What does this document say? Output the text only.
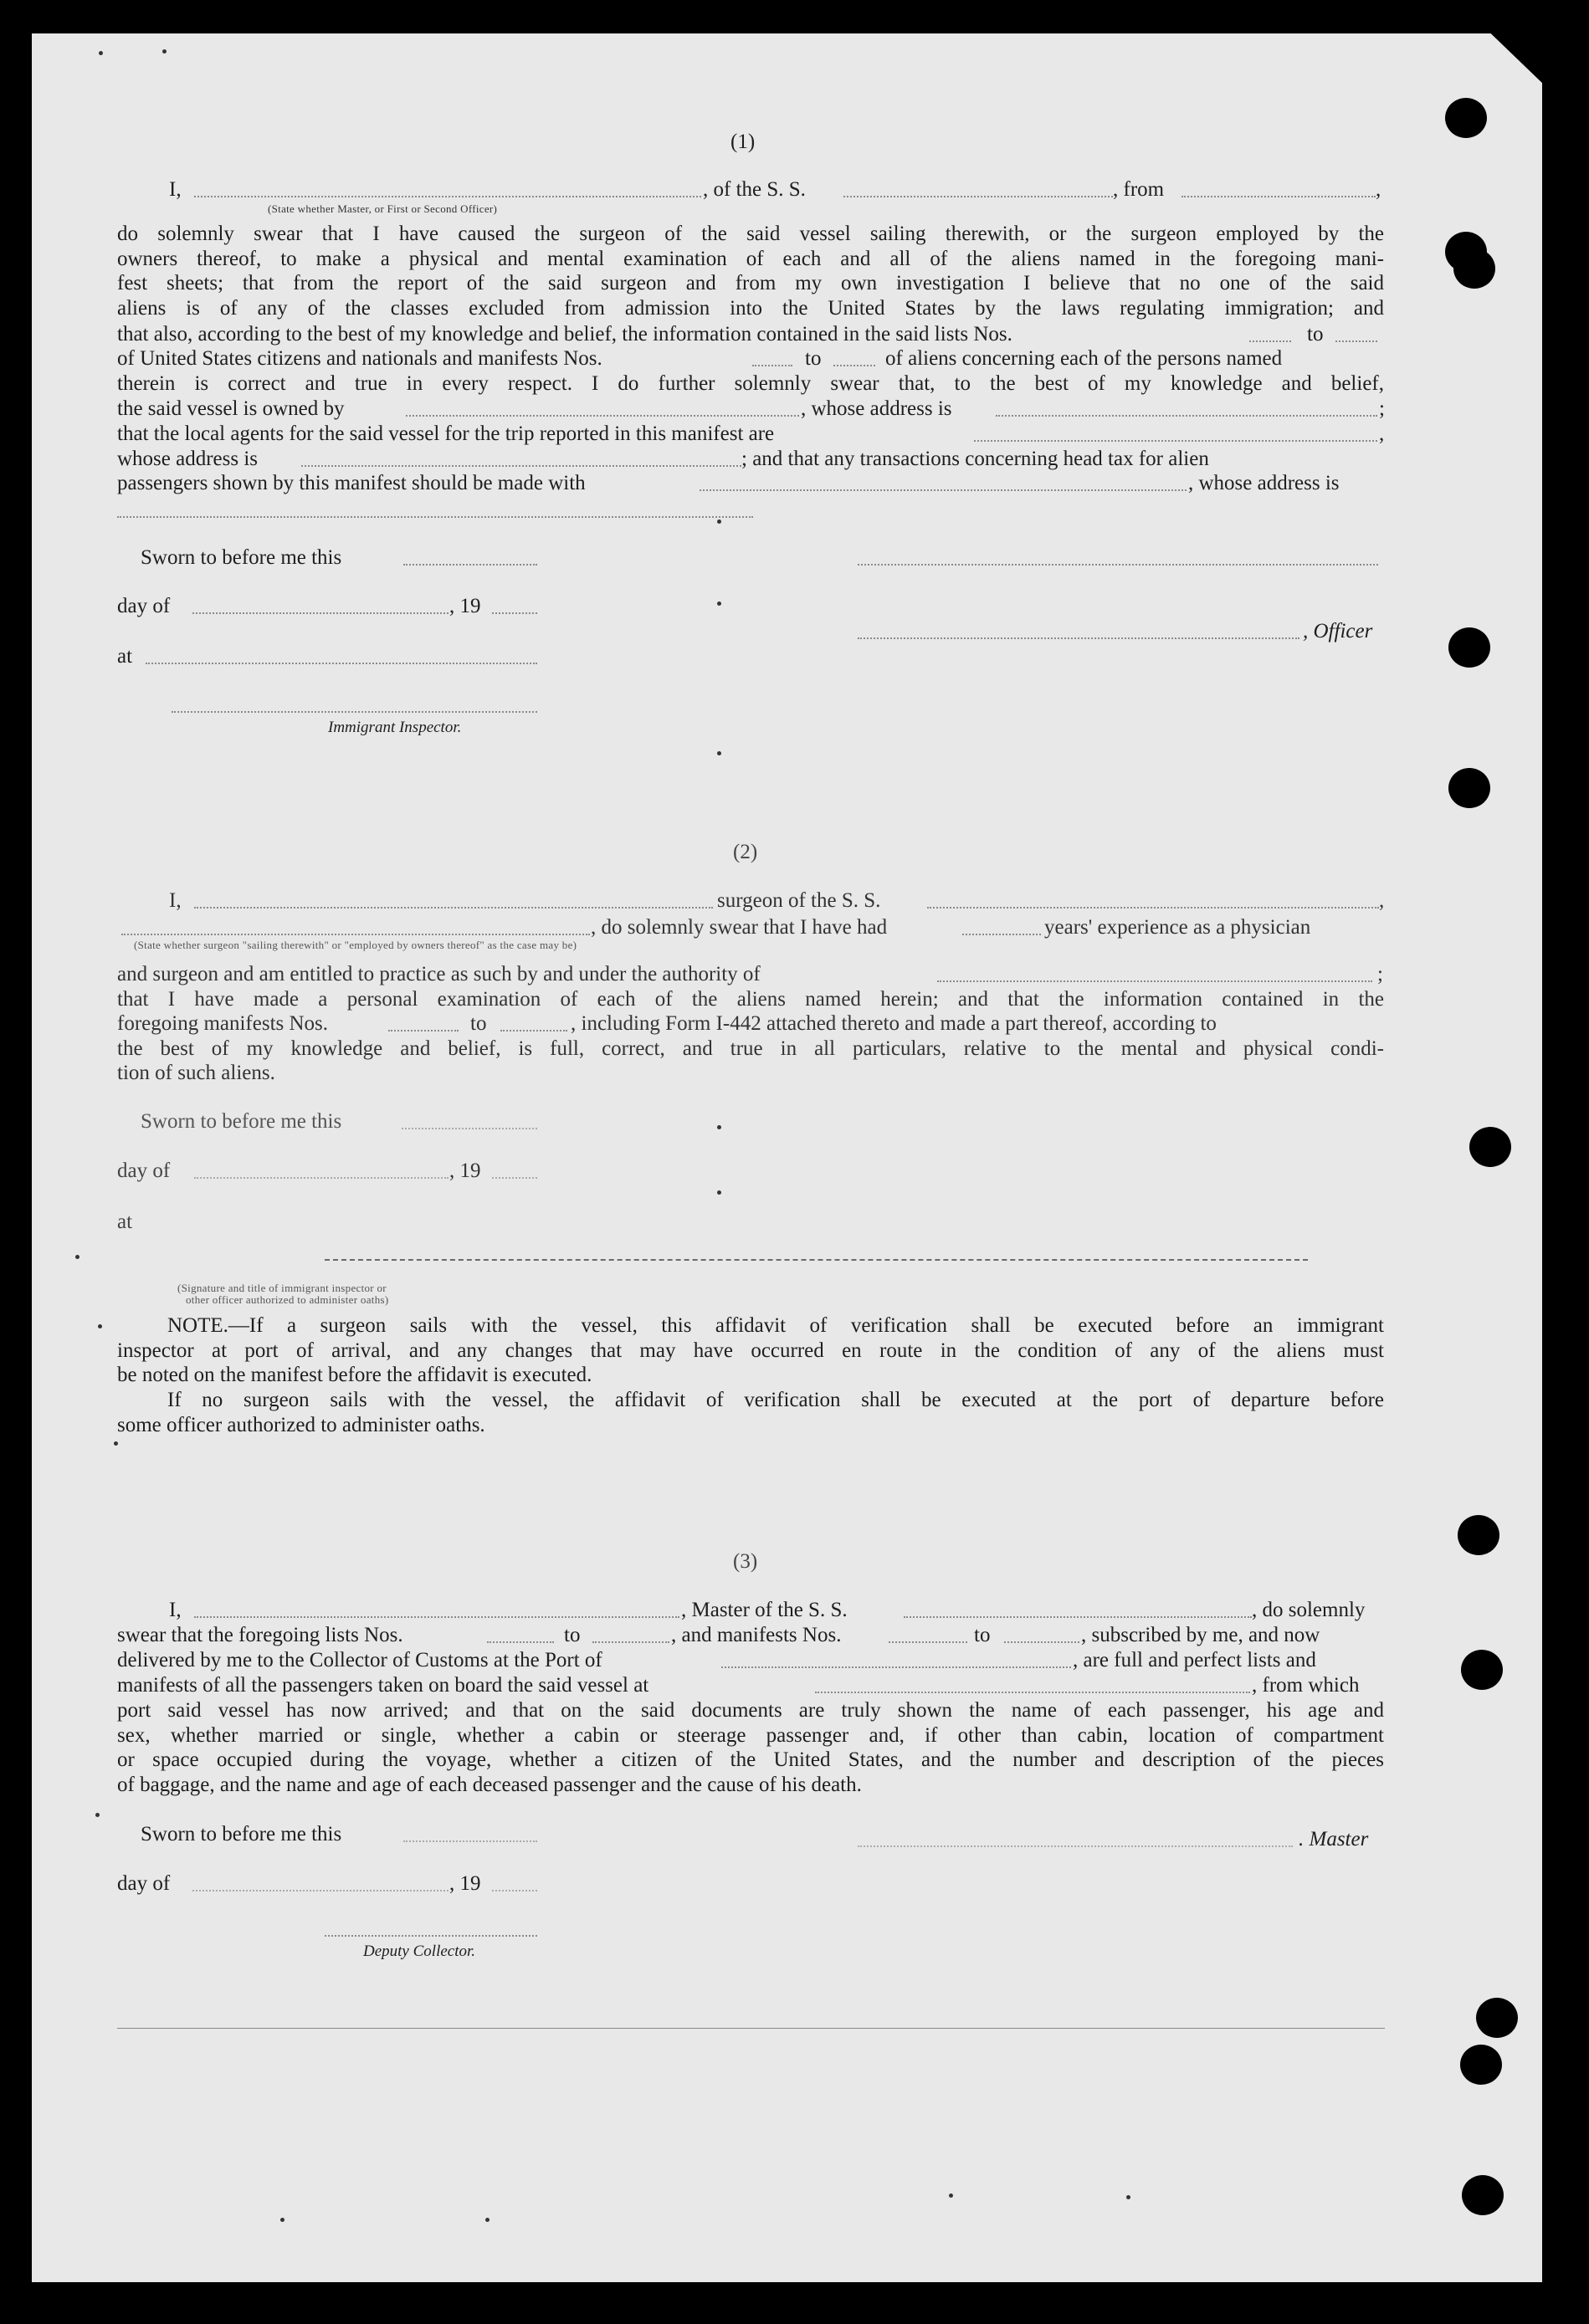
(1)
I,	, of the S. S.	, from	,
(State whether Master, or First or Second Officer)
do solemnly swear that I have caused the surgeon of the said vessel sailing therewith, or the surgeon employed by the
owners thereof, to make a physical and mental examination of each and all of the aliens named in the foregoing mani-
fest sheets; that from the report of the said surgeon and from my own investigation I believe that no one of the said
aliens is of any of the classes excluded from admission into the United States by the laws regulating immigration; and
that also, according to the best of my knowledge and belief, the information contained in the said lists Nos.	to
of United States citizens and nationals and manifests Nos.	to	of aliens concerning each of the persons named
therein is correct and true in every respect. I do further solemnly swear that, to the best of my knowledge and belief,
the said vessel is owned by	, whose address is	;
that the local agents for the said vessel for the trip reported in this manifest are	,
whose address is	; and that any transactions concerning head tax for alien
passengers shown by this manifest should be made with	, whose address is
Sworn to before me this
day of	, 19
at
, Officer
Immigrant Inspector.
(2)
I,	surgeon of the S. S.	,
, do solemnly swear that I have had	years' experience as a physician
(State whether surgeon "sailing therewith" or "employed by owners thereof" as the case may be)
and surgeon and am entitled to practice as such by and under the authority of	;
that I have made a personal examination of each of the aliens named herein; and that the information contained in the
foregoing manifests Nos.	to	, including Form I-442 attached thereto and made a part thereof, according to
the best of my knowledge and belief, is full, correct, and true in all particulars, relative to the mental and physical condi-
tion of such aliens.
Sworn to before me this
day of	, 19
at
(Signature and title of immigrant inspector or
other officer authorized to administer oaths)
NOTE.—If a surgeon sails with the vessel, this affidavit of verification shall be executed before an immigrant
inspector at port of arrival, and any changes that may have occurred en route in the condition of any of the aliens must
be noted on the manifest before the affidavit is executed.
If no surgeon sails with the vessel, the affidavit of verification shall be executed at the port of departure before
some officer authorized to administer oaths.
(3)
I,	, Master of the S. S.	, do solemnly
swear that the foregoing lists Nos.	to	, and manifests Nos.	to	, subscribed by me, and now
delivered by me to the Collector of Customs at the Port of	, are full and perfect lists and
manifests of all the passengers taken on board the said vessel at	, from which
port said vessel has now arrived; and that on the said documents are truly shown the name of each passenger, his age and
sex, whether married or single, whether a cabin or steerage passenger and, if other than cabin, location of compartment
or space occupied during the voyage, whether a citizen of the United States, and the number and description of the pieces
of baggage, and the name and age of each deceased passenger and the cause of his death.
Sworn to before me this	. Master
day of	, 19
Deputy Collector.
